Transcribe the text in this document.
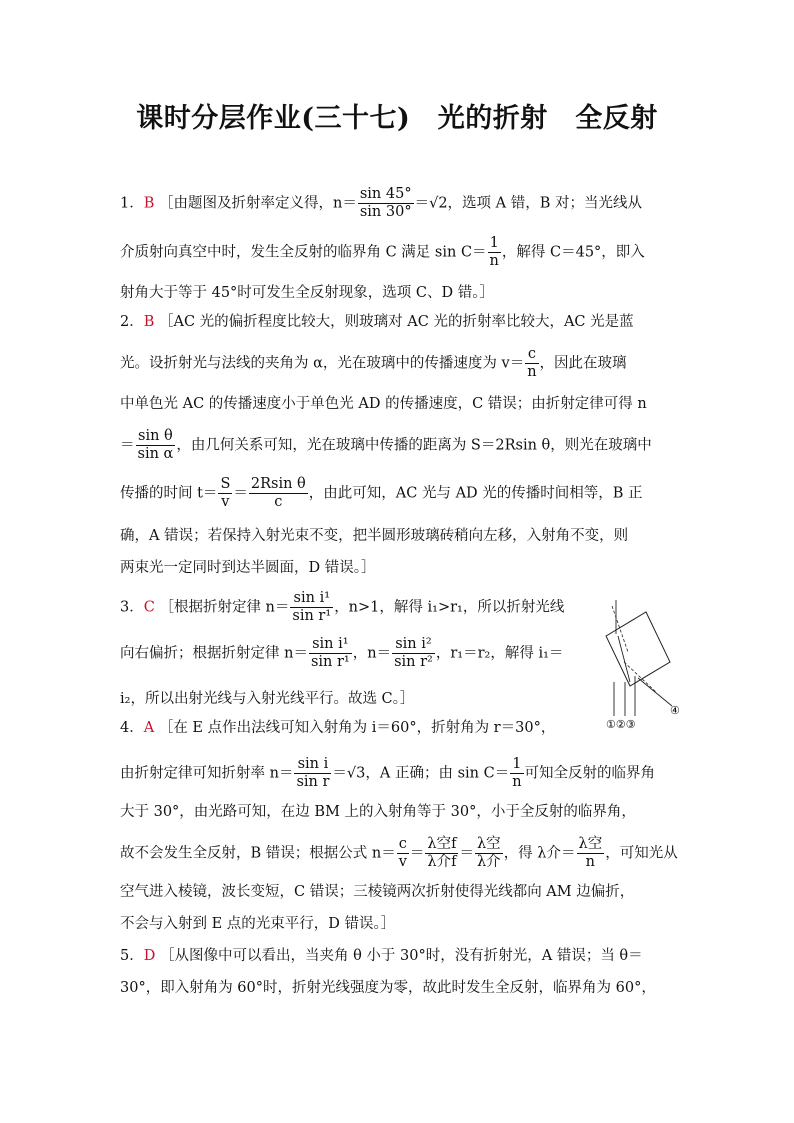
课时分层作业(三十七)　光的折射　全反射
1．B ［由题图及折射率定义得，$n= \frac{\sin 45^\circ}{\sin 30^\circ} =√2$，选项 A 错，B 对；当光线从
介质射向真空中时，发生全反射的临界角 C 满足 $\sin C= \frac{1}{n}$ ，解得 C＝45°，即入
射角大于等于 45°时可发生全反射现象，选项 C、D 错。］
2．B ［AC 光的偏折程度比较大，则玻璃对 AC 光的折射率比较大，AC 光是蓝
光。设折射光与法线的夹角为 α，光在玻璃中的传播速度为 $v= \frac{c}{n}$ ，因此在玻璃
中单色光 AC 的传播速度小于单色光 AD 的传播速度，C 错误；由折射定律可得 n
＝ $\frac{\text{sin θ}}{\text{sin α}}$ ，由几何关系可知，光在玻璃中传播的距离为 S＝2Rsin θ，则光在玻璃中
传播的时间 $t= \frac{S}{v} = \frac{\text{2Rsin θ}}{c}$ ，由此可知，AC 光与 AD 光的传播时间相等，B 正
确，A 错误；若保持入射光束不变，把半圆形玻璃砖稍向左移，入射角不变，则
两束光一定同时到达半圆面，D 错误。］
3．C ［根据折射定律 $n= \frac{\text{sin i¹}}{\text{sin r¹}}$ ，n>1，解得 i₁>r₁，所以折射光线
向右偏折；根据折射定律 $n= \frac{\text{sin i¹}}{\text{sin r¹}}$ ，$n= \frac{\text{sin i²}}{\text{sin r²}}$ ，r₁＝r₂，解得 i₁＝
i₂，所以出射光线与入射光线平行。故选 C。］
①②③
④
4．A ［在 E 点作出法线可知入射角为 i＝60°，折射角为 r＝30°，
由折射定律可知折射率 $n= \frac{\text{sin i}}{\text{sin r}} =√3$，A 正确；由 $\sin C= \frac{1}{n}$ 可知全反射的临界角
大于 30°，由光路可知，在边 BM 上的入射角等于 30°，小于全反射的临界角，
故不会发生全反射，B 错误；根据公式 $n= \frac{c}{v} = \frac{\text{λ空f}}{\text{λ介f}} = \frac{\text{λ空}}{\text{λ介}}$ ，得 λ介＝ $\frac{\text{λ空}}{n}$ ，可知光从
空气进入棱镜，波长变短，C 错误；三棱镜两次折射使得光线都向 AM 边偏折，
不会与入射到 E 点的光束平行，D 错误。］
5．D ［从图像中可以看出，当夹角 θ 小于 30°时，没有折射光，A 错误；当 θ＝
30°，即入射角为 60°时，折射光线强度为零，故此时发生全反射，临界角为 60°，
